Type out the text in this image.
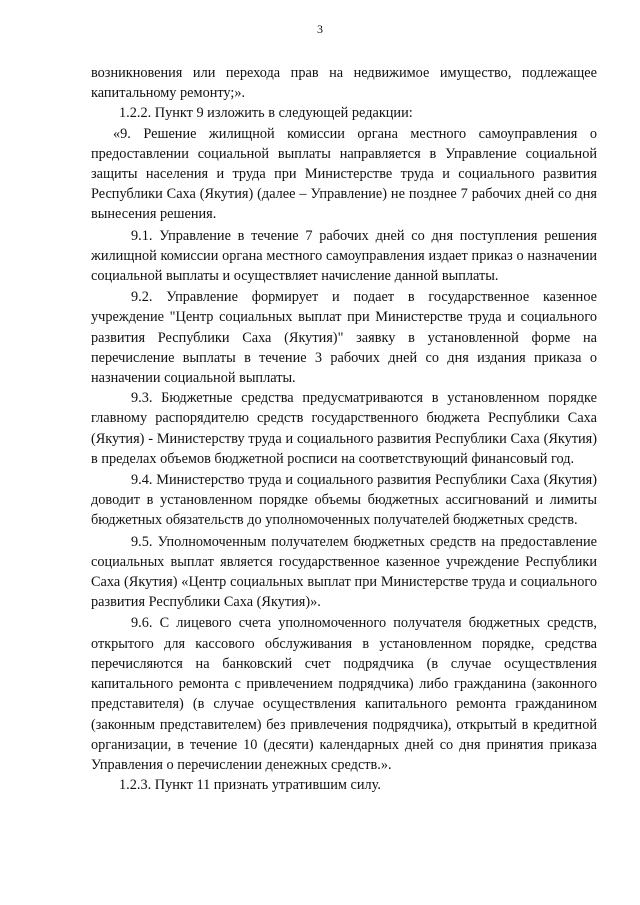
3

возникновения или перехода прав на недвижимое имущество, подлежащее капитальному ремонту;».

1.2.2. Пункт 9 изложить в следующей редакции:

«9. Решение жилищной комиссии органа местного самоуправления о предоставлении социальной выплаты направляется в Управление социальной защиты населения и труда при Министерстве труда и социального развития Республики Саха (Якутия) (далее – Управление) не позднее 7 рабочих дней со дня вынесения решения.

9.1. Управление в течение 7 рабочих дней со дня поступления решения жилищной комиссии органа местного самоуправления издает приказ о назначении социальной выплаты и осуществляет начисление данной выплаты.

9.2. Управление формирует и подает в государственное казенное учреждение "Центр социальных выплат при Министерстве труда и социального развития Республики Саха (Якутия)" заявку в установленной форме на перечисление выплаты в течение 3 рабочих дней со дня издания приказа о назначении социальной выплаты.

9.3. Бюджетные средства предусматриваются в установленном порядке главному распорядителю средств государственного бюджета Республики Саха (Якутия) - Министерству труда и социального развития Республики Саха (Якутия) в пределах объемов бюджетной росписи на соответствующий финансовый год.

9.4. Министерство труда и социального развития Республики Саха (Якутия) доводит в установленном порядке объемы бюджетных ассигнований и лимиты бюджетных обязательств до уполномоченных получателей бюджетных средств.

9.5. Уполномоченным получателем бюджетных средств на предоставление социальных выплат является государственное казенное учреждение Республики Саха (Якутия) «Центр социальных выплат при Министерстве труда и социального развития Республики Саха (Якутия)».

9.6. С лицевого счета уполномоченного получателя бюджетных средств, открытого для кассового обслуживания в установленном порядке, средства перечисляются на банковский счет подрядчика (в случае осуществления капитального ремонта с привлечением подрядчика) либо гражданина (законного представителя) (в случае осуществления капитального ремонта гражданином (законным представителем) без привлечения подрядчика), открытый в кредитной организации, в течение 10 (десяти) календарных дней со дня принятия приказа Управления о перечислении денежных средств.».

1.2.3. Пункт 11 признать утратившим силу.
